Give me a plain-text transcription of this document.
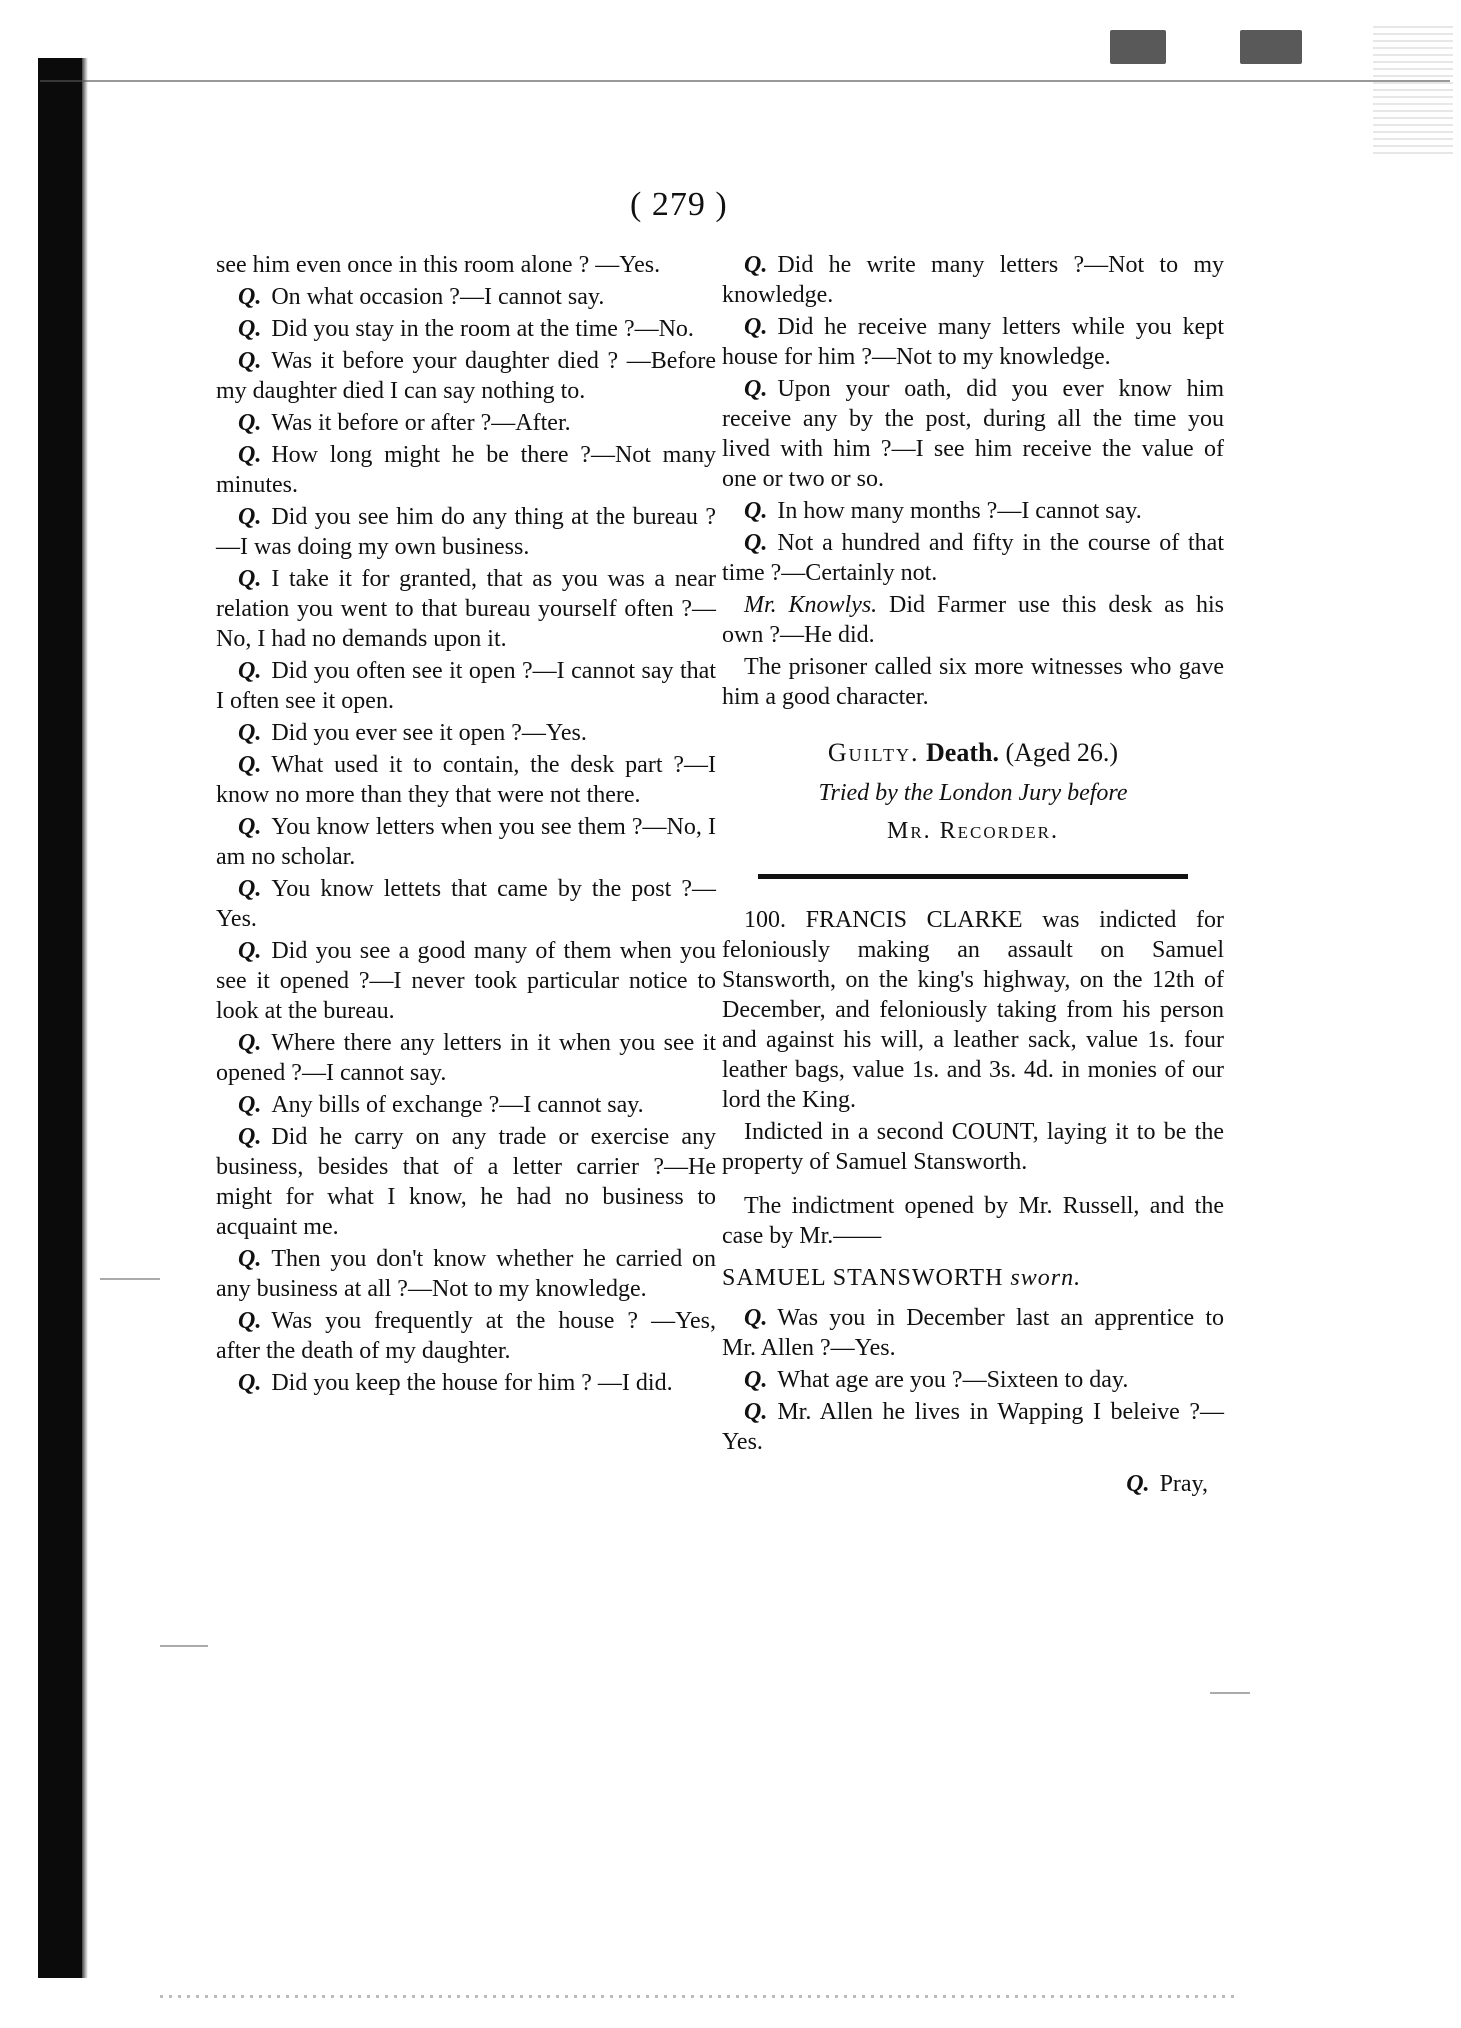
( 279 )

see him even once in this room alone ? —Yes.

Q. On what occasion ?—I cannot say.

Q. Did you stay in the room at the time ?—No.

Q. Was it before your daughter died ? —Before my daughter died I can say nothing to.

Q. Was it before or after ?—After.

Q. How long might he be there ?—Not many minutes.

Q. Did you see him do any thing at the bureau ?—I was doing my own business.

Q. I take it for granted, that as you was a near relation you went to that bureau yourself often ?—No, I had no demands upon it.

Q. Did you often see it open ?—I cannot say that I often see it open.

Q. Did you ever see it open ?—Yes.

Q. What used it to contain, the desk part ?—I know no more than they that were not there.

Q. You know letters when you see them ?—No, I am no scholar.

Q. You know lettets that came by the post ?—Yes.

Q. Did you see a good many of them when you see it opened ?—I never took particular notice to look at the bureau.

Q. Where there any letters in it when you see it opened ?—I cannot say.

Q. Any bills of exchange ?—I cannot say.

Q. Did he carry on any trade or exercise any business, besides that of a letter carrier ?—He might for what I know, he had no business to acquaint me.

Q. Then you don't know whether he carried on any business at all ?—Not to my knowledge.

Q. Was you frequently at the house ? —Yes, after the death of my daughter.

Q. Did you keep the house for him ? —I did.

Q. Did he write many letters ?—Not to my knowledge.

Q. Did he receive many letters while you kept house for him ?—Not to my knowledge.

Q. Upon your oath, did you ever know him receive any by the post, during all the time you lived with him ?—I see him receive the value of one or two or so.

Q. In how many months ?—I cannot say.

Q. Not a hundred and fifty in the course of that time ?—Certainly not.

Mr. Knowlys. Did Farmer use this desk as his own ?—He did.

The prisoner called six more witnesses who gave him a good character.

Guilty. Death. (Aged 26.)

Tried by the London Jury before

Mr. Recorder.

100. FRANCIS CLARKE was indicted for feloniously making an assault on Samuel Stansworth, on the king's highway, on the 12th of December, and feloniously taking from his person and against his will, a leather sack, value 1s. four leather bags, value 1s. and 3s. 4d. in monies of our lord the King.

Indicted in a second COUNT, laying it to be the property of Samuel Stansworth.

The indictment opened by Mr. Russell, and the case by Mr.——

SAMUEL STANSWORTH sworn.

Q. Was you in December last an apprentice to Mr. Allen ?—Yes.

Q. What age are you ?—Sixteen to day.

Q. Mr. Allen he lives in Wapping I beleive ?—Yes.

Q. Pray,
